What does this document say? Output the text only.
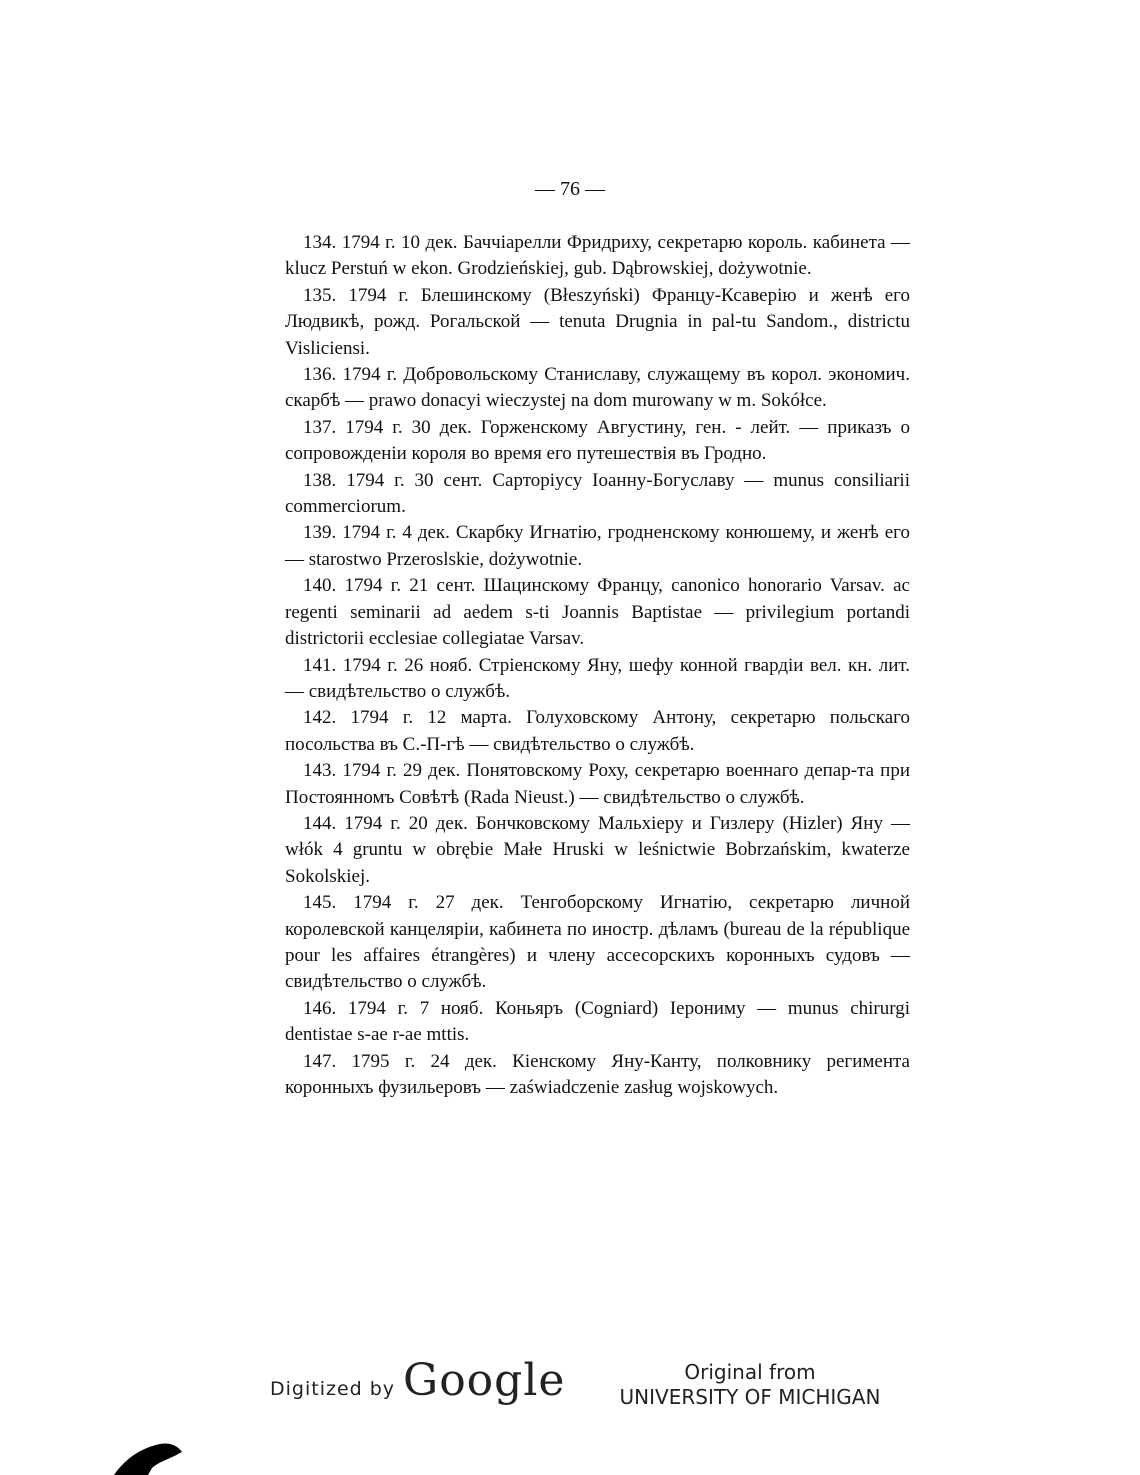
— 76 —

134. 1794 г. 10 дек. Баччіарелли Фридриху, секретарю король. кабинета — klucz Perstuń w ekon. Grodzieńskiej, gub. Dąbrowskiej, dożywotnie.

135. 1794 г. Блешинскому (Błeszyński) Францу-Ксаверію и женѣ его Людвикѣ, рожд. Рогальской — tenuta Drugnia in pal-tu Sandom., districtu Visliciensi.

136. 1794 г. Добровольскому Станиславу, служащему въ корол. экономич. скарбѣ — prawo donacyi wieczystej na dom murowany w m. Sokółce.

137. 1794 г. 30 дек. Горженскому Августину, ген. - лейт. — приказъ о сопровожденіи короля во время его путешествія въ Гродно.

138. 1794 г. 30 сент. Сарторіусу Іоанну-Богуславу — munus consiliarii commerciorum.

139. 1794 г. 4 дек. Скарбку Игнатію, гродненскому конюшему, и женѣ его — starostwo Przeroslskie, dożywotnie.

140. 1794 г. 21 сент. Шацинскому Францу, canonico honorario Varsav. ac regenti seminarii ad aedem s-ti Joannis Baptistae — privilegium portandi districtorii ecclesiae collegiatae Varsav.

141. 1794 г. 26 нояб. Стріенскому Яну, шефу конной гвардіи вел. кн. лит. — свидѣтельство о службѣ.

142. 1794 г. 12 марта. Голуховскому Антону, секретарю польскаго посольства въ С.-П-гѣ — свидѣтельство о службѣ.

143. 1794 г. 29 дек. Понятовскому Роху, секретарю военнаго депар-та при Постоянномъ Совѣтѣ (Rada Nieust.) — свидѣтельство о службѣ.

144. 1794 г. 20 дек. Бончковскому Мальхіеру и Гизлеру (Hizler) Яну — włók 4 gruntu w obrębie Małe Hruski w leśnictwie Bobrzańskim, kwaterze Sokolskiej.

145. 1794 г. 27 дек. Тенгоборскому Игнатію, секретарю личной королевской канцеляріи, кабинета по иностр. дѣламъ (bureau de la république pour les affaires étrangères) и члену ассесорскихъ коронныхъ судовъ — свидѣтельство о службѣ.

146. 1794 г. 7 нояб. Коньяръ (Cogniard) Іерониму — munus chirurgi dentistae s-ae r-ae mttis.

147. 1795 г. 24 дек. Кіенскому Яну-Канту, полковнику регимента коронныхъ фузильеровъ — zaświadczenie zasług wojskowych.

Digitized by Google	Original from
UNIVERSITY OF MICHIGAN
